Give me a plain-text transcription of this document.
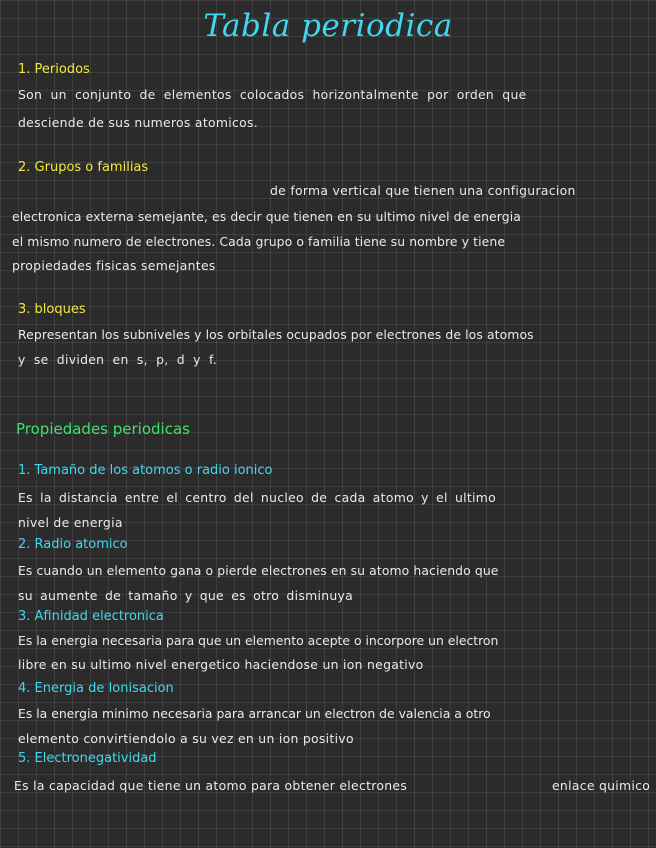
Tabla periodica
1. Periodos
Son un conjunto de elementos colocados horizontalmente por orden que
desciende de sus numeros atomicos.
2. Grupos o familias
de forma vertical que tienen una configuracion
electronica externa semejante, es decir que tienen en su ultimo nivel de energia
el mismo numero de electrones. Cada grupo o familia tiene su nombre y tiene
propiedades fisicas semejantes
3. bloques
Representan los subniveles y los orbitales ocupados por electrones de los atomos
y se dividen en s, p, d y f.
Propiedades periodicas
1. Tamaño de los atomos o radio ionico
Es la distancia entre el centro del nucleo de cada atomo y el ultimo
nivel de energia
2. Radio atomico
Es cuando un elemento gana o pierde electrones en su atomo haciendo que
su aumente de tamaño y que es otro disminuya
3. Afinidad electronica
Es la energia necesaria para que un elemento acepte o incorpore un electron
libre en su ultimo nivel energetico haciendose un ion negativo
4. Energia de Ionisacion
Es la energia minimo necesaria para arrancar un electron de valencia a otro
elemento convirtiendolo a su vez en un ion positivo
5. Electronegatividad
Es la capacidad que tiene un atomo para obtener electrones	enlace quimico
